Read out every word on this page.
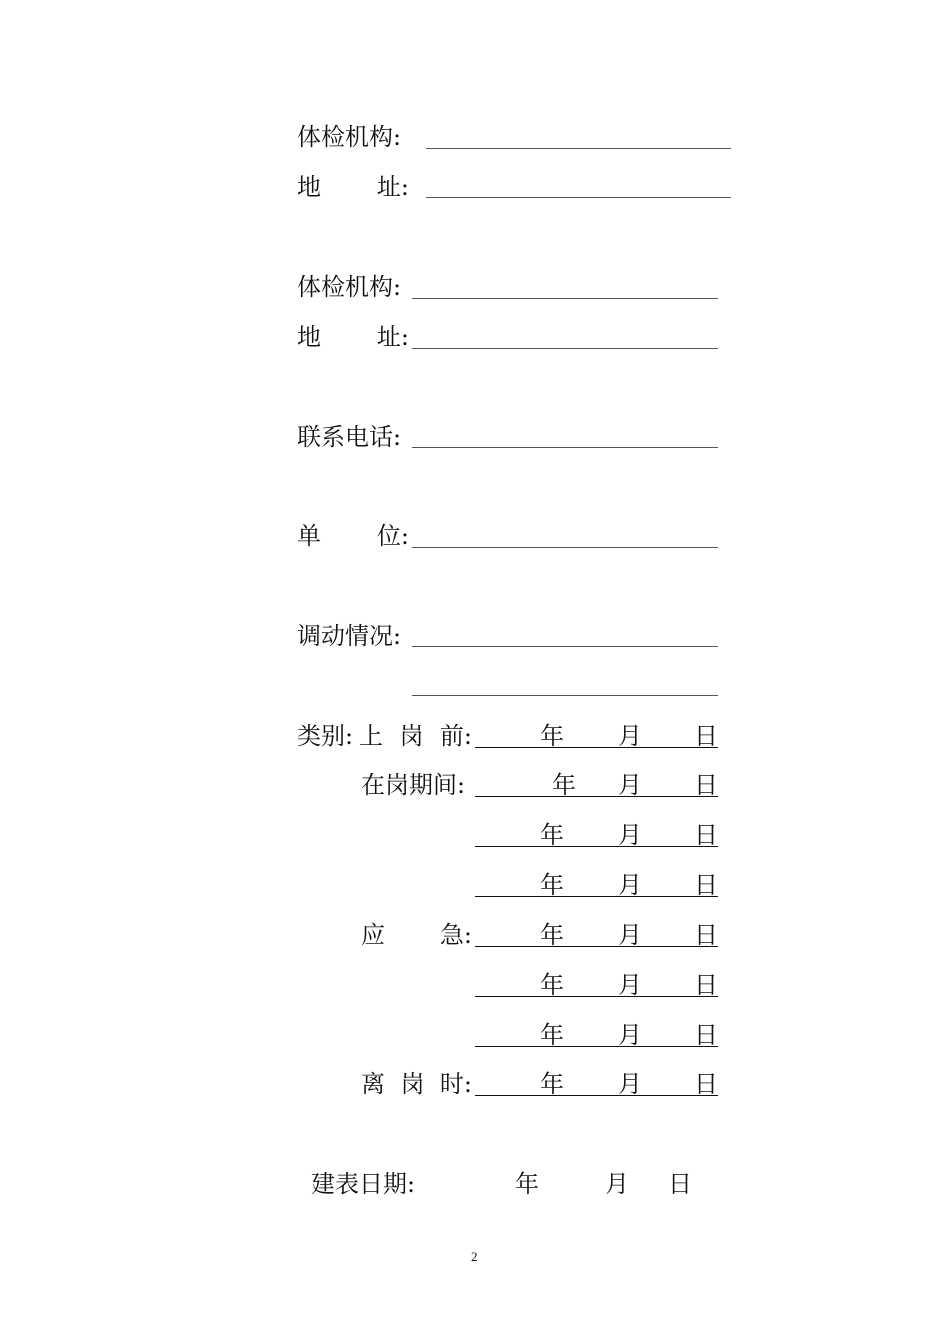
体检机构:
地 址:
体检机构:
地 址:
联系电话:
单 位:
调动情况:
类别: 上 岗 前:	年 月 日
在岗期间:	年 月 日
年 月 日
年 月 日
应 急:	年 月 日
年 月 日
年 月 日
离 岗 时:	年 月 日
建表日期:	年	月 日
2
